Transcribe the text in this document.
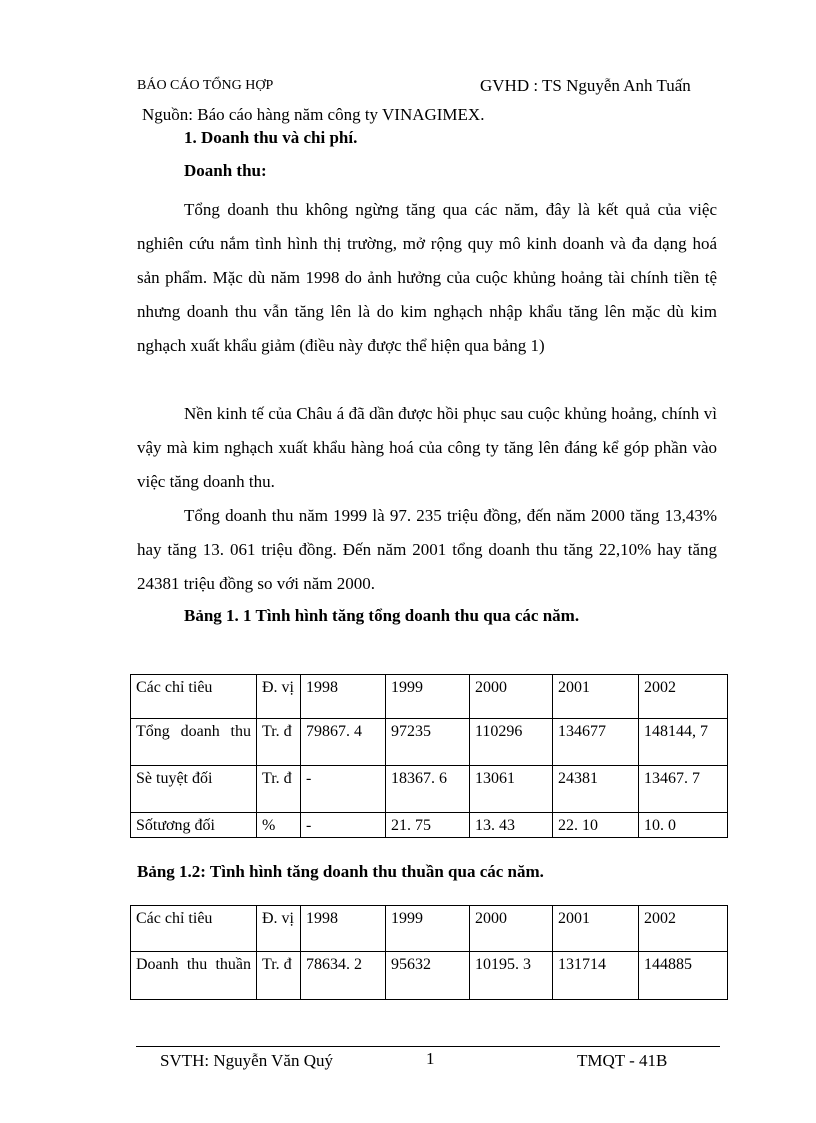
BÁO CÁO TỔNG HỢP	GVHD : TS Nguyễn Anh Tuấn
Nguồn: Báo cáo hàng năm công ty VINAGIMEX.
1. Doanh thu và chi phí.
Doanh thu:

Tổng doanh thu không ngừng tăng qua các năm, đây là kết quả của việc nghiên cứu nắm tình hình thị trường, mở rộng quy mô kinh doanh và đa dạng hoá sản phẩm. Mặc dù năm 1998 do ảnh hưởng của cuộc khủng hoảng tài chính tiền tệ nhưng doanh thu vẫn tăng lên là do kim nghạch nhập khẩu tăng lên mặc dù kim nghạch xuất khẩu giảm (điều này được thể hiện qua bảng 1)

Nền kinh tế của Châu á đã dần được hồi phục sau cuộc khủng hoảng, chính vì vậy mà kim nghạch xuất khẩu hàng hoá của công ty tăng lên đáng kể góp phần vào việc tăng doanh thu.

Tổng doanh thu năm 1999 là 97. 235 triệu đồng, đến năm 2000 tăng 13,43% hay tăng 13. 061 triệu đồng. Đến năm 2001 tổng doanh thu tăng 22,10% hay tăng 24381 triệu đồng so với năm 2000.

Bảng 1. 1 Tình hình tăng tổng doanh thu qua các năm.
Các chỉ tiêu	Đ. vị	1998	1999	2000	2001	2002
Tổng doanh thu	Tr. đ	79867. 4	97235	110296	134677	148144, 7
Sè tuyệt đối	Tr. đ	-	18367. 6	13061	24381	13467. 7
Sốtương đối	%	-	21. 75	13. 43	22. 10	10. 0
Bảng 1.2: Tình hình tăng doanh thu thuần qua các năm.
Các chỉ tiêu	Đ. vị	1998	1999	2000	2001	2002
Doanh thu thuần	Tr. đ	78634. 2	95632	10195. 3	131714	144885
SVTH: Nguyễn Văn Quý	1	TMQT - 41B
